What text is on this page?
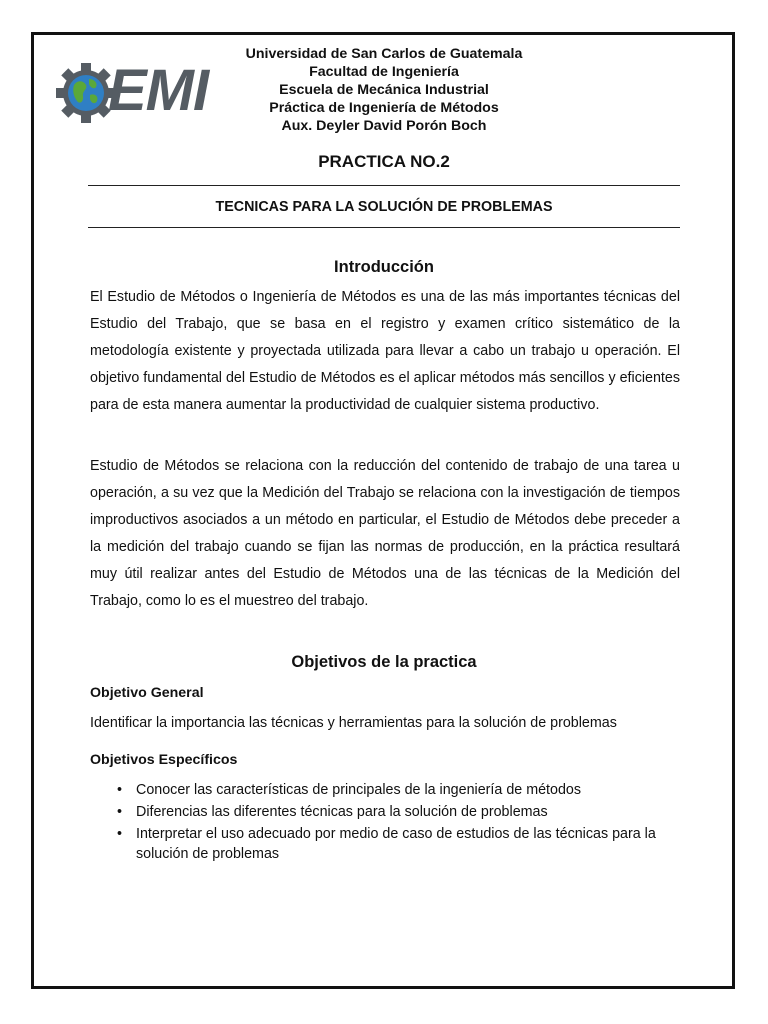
EMI
Universidad de San Carlos de Guatemala
Facultad de Ingeniería
Escuela de Mecánica Industrial
Práctica de Ingeniería de Métodos
Aux. Deyler David Porón Boch
PRACTICA NO.2
TECNICAS PARA LA SOLUCIÓN DE PROBLEMAS
Introducción
El Estudio de Métodos o Ingeniería de Métodos es una de las más importantes técnicas del Estudio del Trabajo, que se basa en el registro y examen crítico sistemático de la metodología existente y proyectada utilizada para llevar a cabo un trabajo u operación. El objetivo fundamental del Estudio de Métodos es el aplicar métodos más sencillos y eficientes para de esta manera aumentar la productividad de cualquier sistema productivo.
Estudio de Métodos se relaciona con la reducción del contenido de trabajo de una tarea u operación, a su vez que la Medición del Trabajo se relaciona con la investigación de tiempos improductivos asociados a un método en particular, el Estudio de Métodos debe preceder a la medición del trabajo cuando se fijan las normas de producción, en la práctica resultará muy útil realizar antes del Estudio de Métodos una de las técnicas de la Medición del Trabajo, como lo es el muestreo del trabajo.
Objetivos de la practica
Objetivo General
Identificar la importancia las técnicas y herramientas para la solución de problemas
Objetivos Específicos
• Conocer las características de principales de la ingeniería de métodos
• Diferencias las diferentes técnicas para la solución de problemas
• Interpretar el uso adecuado por medio de caso de estudios de las técnicas para la solución de problemas
